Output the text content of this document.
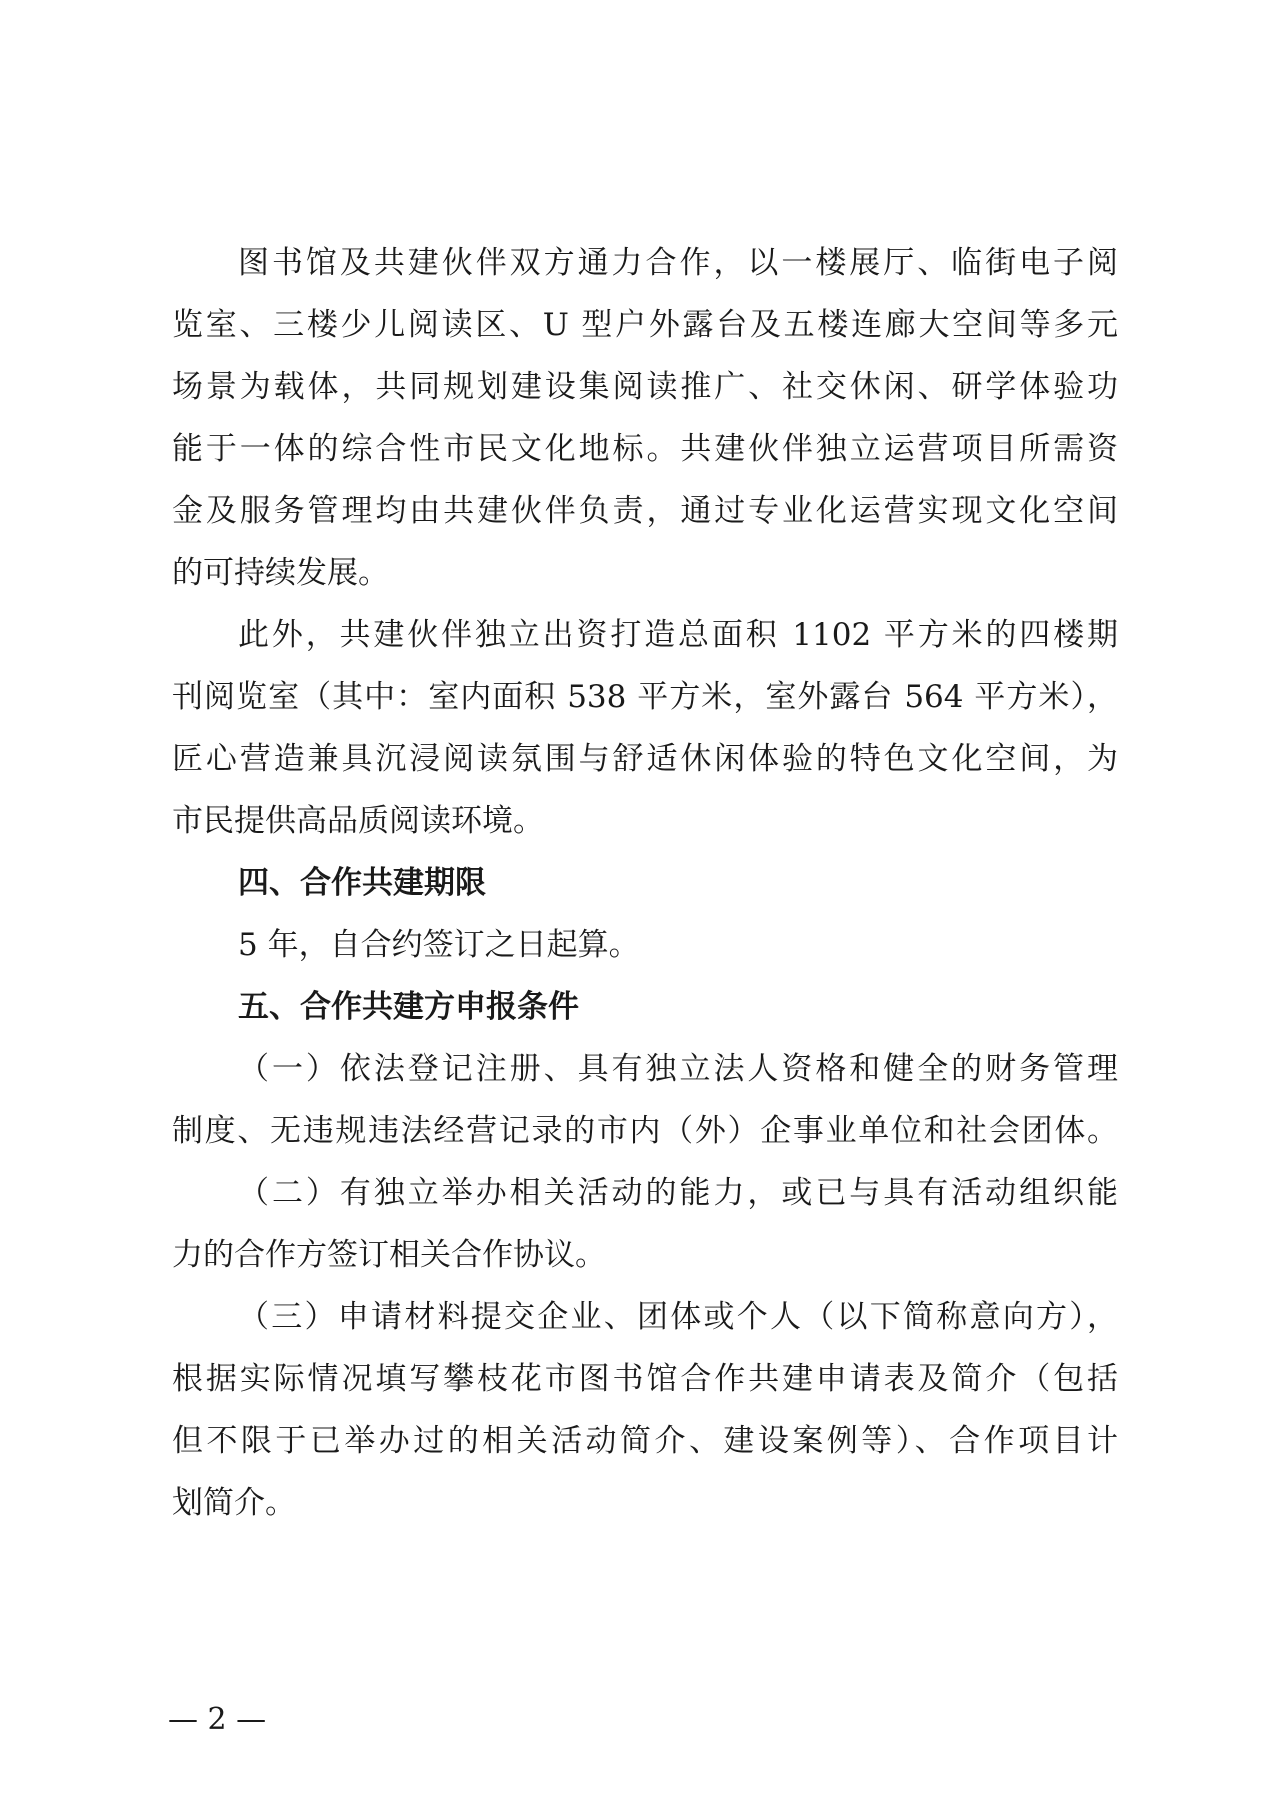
图书馆及共建伙伴双方通力合作，以一楼展厅、临街电子阅
览室、三楼少儿阅读区、U 型户外露台及五楼连廊大空间等多元
场景为载体，共同规划建设集阅读推广、社交休闲、研学体验功
能于一体的综合性市民文化地标。共建伙伴独立运营项目所需资
金及服务管理均由共建伙伴负责，通过专业化运营实现文化空间
的可持续发展。
此外，共建伙伴独立出资打造总面积 1102 平方米的四楼期
刊阅览室（其中：室内面积 538 平方米，室外露台 564 平方米），
匠心营造兼具沉浸阅读氛围与舒适休闲体验的特色文化空间，为
市民提供高品质阅读环境。
四、合作共建期限
5 年，自合约签订之日起算。
五、合作共建方申报条件
（一）依法登记注册、具有独立法人资格和健全的财务管理
制度、无违规违法经营记录的市内（外）企事业单位和社会团体。
（二）有独立举办相关活动的能力，或已与具有活动组织能
力的合作方签订相关合作协议。
（三）申请材料提交企业、团体或个人（以下简称意向方），
根据实际情况填写攀枝花市图书馆合作共建申请表及简介（包括
但不限于已举办过的相关活动简介、建设案例等）、合作项目计
划简介。
— 2 —
